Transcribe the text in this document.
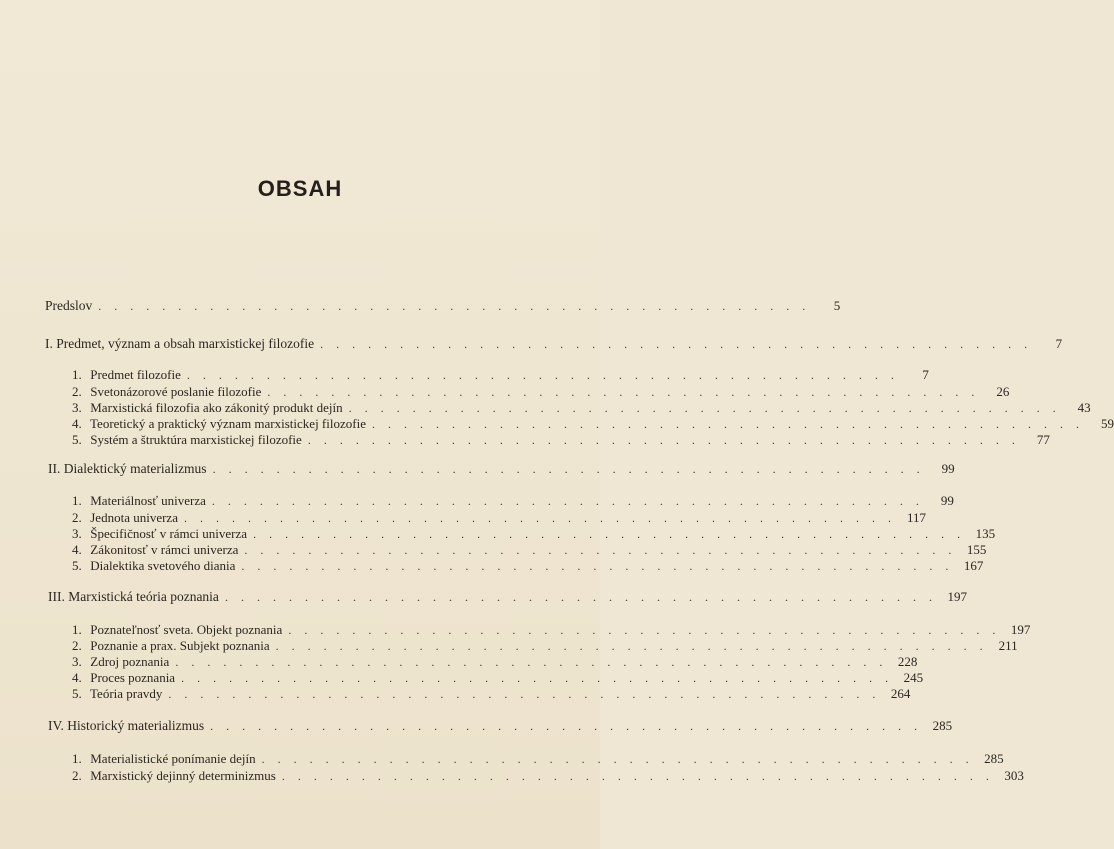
OBSAH
Predslov . . . . . . . . . . . . . . . . . . . . . . . . . . . . . . . . . . . . . . . . . . . . .	5
I. Predmet, význam a obsah marxistickej filozofie . . . . . . . . . . . . . . . . . . . . . . . . . . . . . . . . . . . . . . . . . . . . .	7
1. Predmet filozofie . . . . . . . . . . . . . . . . . . . . . . . . . . . . . . . . . . . . . . . . . . . . .	7
2. Svetonázorové poslanie filozofie . . . . . . . . . . . . . . . . . . . . . . . . . . . . . . . . . . . . . . . . . . . . .	26
3. Marxistická filozofia ako zákonitý produkt dejín . . . . . . . . . . . . . . . . . . . . . . . . . . . . . . . . . . . . . . . . . . . . .	43
4. Teoretický a praktický význam marxistickej filozofie . . . . . . . . . . . . . . . . . . . . . . . . . . . . . . . . . . . . . . . . . . . . .	59
5. Systém a štruktúra marxistickej filozofie . . . . . . . . . . . . . . . . . . . . . . . . . . . . . . . . . . . . . . . . . . . . .	77
II. Dialektický materializmus . . . . . . . . . . . . . . . . . . . . . . . . . . . . . . . . . . . . . . . . . . . . .	99
1. Materiálnosť univerza . . . . . . . . . . . . . . . . . . . . . . . . . . . . . . . . . . . . . . . . . . . . .	99
2. Jednota univerza . . . . . . . . . . . . . . . . . . . . . . . . . . . . . . . . . . . . . . . . . . . . . 117
3. Špecifičnosť v rámci univerza . . . . . . . . . . . . . . . . . . . . . . . . . . . . . . . . . . . . . . . . . . . . . 135
4. Zákonitosť v rámci univerza . . . . . . . . . . . . . . . . . . . . . . . . . . . . . . . . . . . . . . . . . . . . . 155
5. Dialektika svetového diania . . . . . . . . . . . . . . . . . . . . . . . . . . . . . . . . . . . . . . . . . . . . . 167
III. Marxistická teória poznania . . . . . . . . . . . . . . . . . . . . . . . . . . . . . . . . . . . . . . . . . . . . . 197
1. Poznateľnosť sveta. Objekt poznania . . . . . . . . . . . . . . . . . . . . . . . . . . . . . . . . . . . . . . . . . . . . . 197
2. Poznanie a prax. Subjekt poznania . . . . . . . . . . . . . . . . . . . . . . . . . . . . . . . . . . . . . . . . . . . . . 211
3. Zdroj poznania . . . . . . . . . . . . . . . . . . . . . . . . . . . . . . . . . . . . . . . . . . . . . 228
4. Proces poznania . . . . . . . . . . . . . . . . . . . . . . . . . . . . . . . . . . . . . . . . . . . . . 245
5. Teória pravdy . . . . . . . . . . . . . . . . . . . . . . . . . . . . . . . . . . . . . . . . . . . . . 264
IV. Historický materializmus . . . . . . . . . . . . . . . . . . . . . . . . . . . . . . . . . . . . . . . . . . . . . 285
1. Materialistické ponímanie dejín . . . . . . . . . . . . . . . . . . . . . . . . . . . . . . . . . . . . . . . . . . . . . 285
2. Marxistický dejinný determinizmus . . . . . . . . . . . . . . . . . . . . . . . . . . . . . . . . . . . . . . . . . . . . . 303
